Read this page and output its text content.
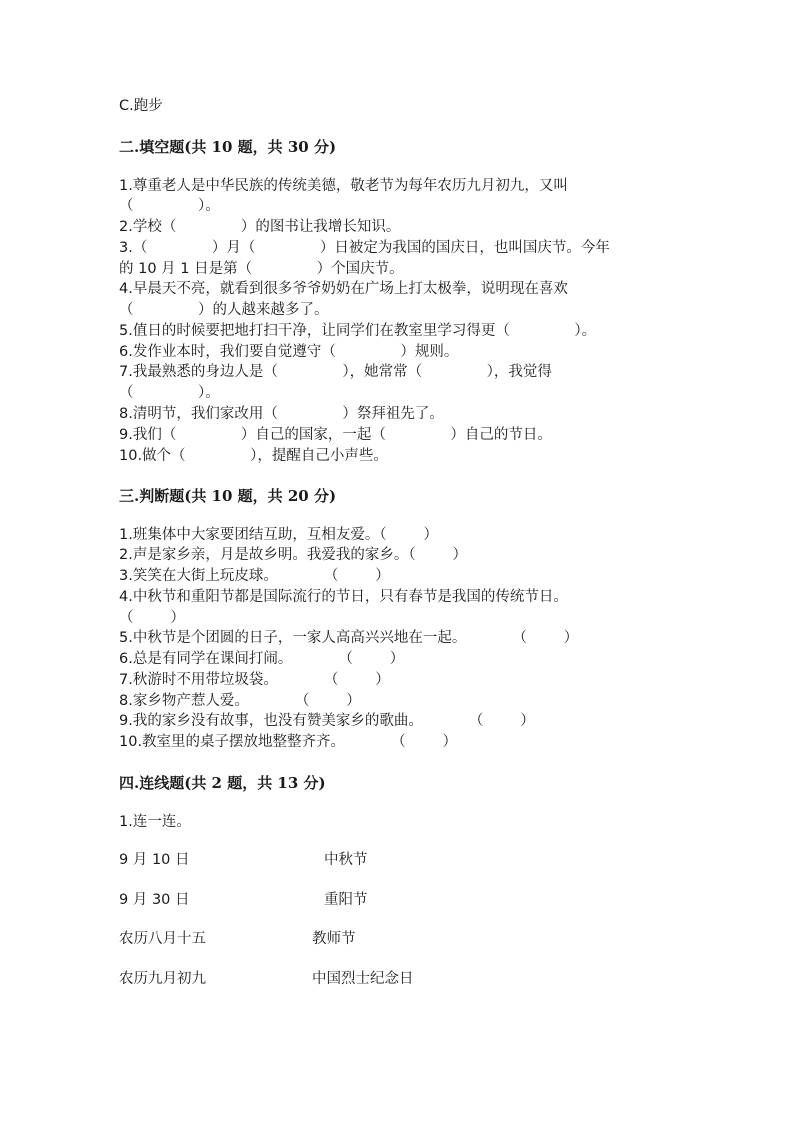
C.跑步
二.填空题(共 10 题，共 30 分)
1.尊重老人是中华民族的传统美德，敬老节为每年农历九月初九，又叫
（              ）。
2.学校（              ）的图书让我增长知识。
3.（              ）月（              ）日被定为我国的国庆日，也叫国庆节。今年
的 10 月 1 日是第（              ）个国庆节。
4.早晨天不亮，就看到很多爷爷奶奶在广场上打太极拳，说明现在喜欢
（              ）的人越来越多了。
5.值日的时候要把地打扫干净，让同学们在教室里学习得更（              ）。
6.发作业本时，我们要自觉遵守（              ）规则。
7.我最熟悉的身边人是（              ），她常常（              ），我觉得
（              ）。
8.清明节，我们家改用（              ）祭拜祖先了。
9.我们（              ）自己的国家，一起（              ）自己的节日。
10.做个（              ），提醒自己小声些。
三.判断题(共 10 题，共 20 分)
1.班集体中大家要团结互助，互相友爱。（        ）
2.声是家乡亲，月是故乡明。我爱我的家乡。（        ）
3.笑笑在大街上玩皮球。          （        ）
4.中秋节和重阳节都是国际流行的节日，只有春节是我国的传统节日。
（        ）
5.中秋节是个团圆的日子，一家人高高兴兴地在一起。          （        ）
6.总是有同学在课间打闹。          （        ）
7.秋游时不用带垃圾袋。          （        ）
8.家乡物产惹人爱。          （        ）
9.我的家乡没有故事，也没有赞美家乡的歌曲。          （        ）
10.教室里的桌子摆放地整整齐齐。          （        ）
四.连线题(共 2 题，共 13 分)
1.连一连。
9 月 10 日	中秋节
9 月 30 日	重阳节
农历八月十五	教师节
农历九月初九	中国烈士纪念日
